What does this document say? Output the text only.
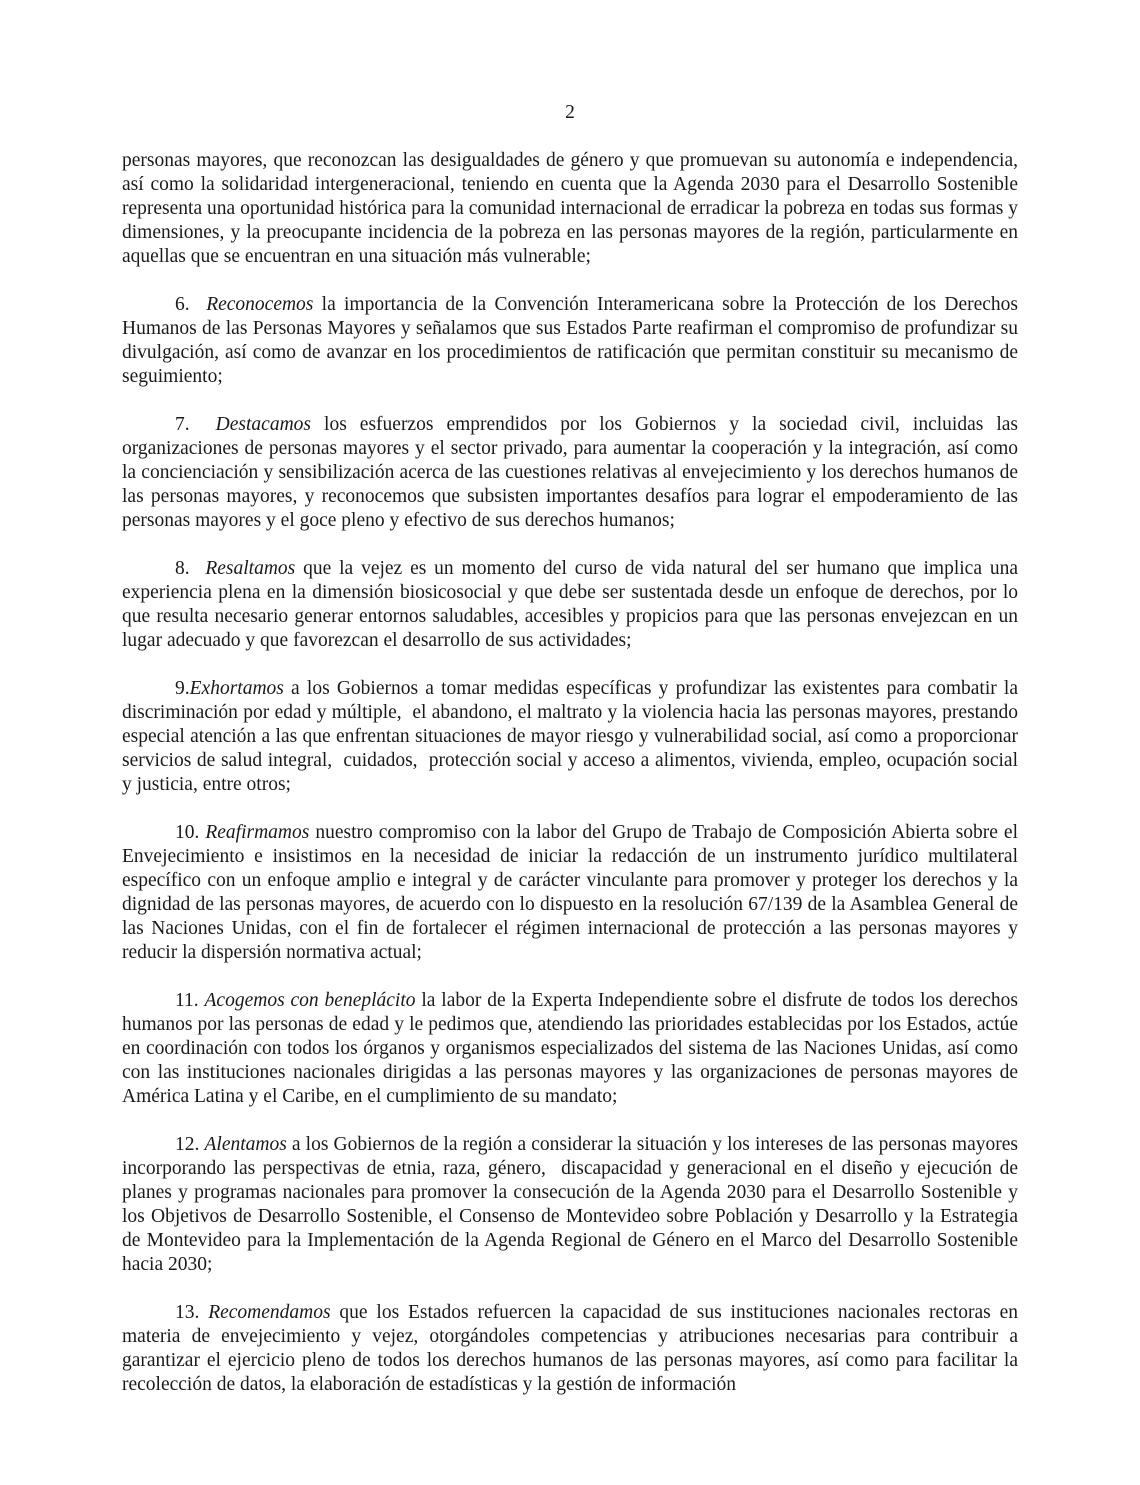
2

personas mayores, que reconozcan las desigualdades de género y que promuevan su autonomía e independencia, así como la solidaridad intergeneracional, teniendo en cuenta que la Agenda 2030 para el Desarrollo Sostenible representa una oportunidad histórica para la comunidad internacional de erradicar la pobreza en todas sus formas y dimensiones, y la preocupante incidencia de la pobreza en las personas mayores de la región, particularmente en aquellas que se encuentran en una situación más vulnerable;

6.  Reconocemos la importancia de la Convención Interamericana sobre la Protección de los Derechos Humanos de las Personas Mayores y señalamos que sus Estados Parte reafirman el compromiso de profundizar su divulgación, así como de avanzar en los procedimientos de ratificación que permitan constituir su mecanismo de seguimiento;

7.  Destacamos los esfuerzos emprendidos por los Gobiernos y la sociedad civil, incluidas las organizaciones de personas mayores y el sector privado, para aumentar la cooperación y la integración, así como la concienciación y sensibilización acerca de las cuestiones relativas al envejecimiento y los derechos humanos de las personas mayores, y reconocemos que subsisten importantes desafíos para lograr el empoderamiento de las personas mayores y el goce pleno y efectivo de sus derechos humanos;

8.  Resaltamos que la vejez es un momento del curso de vida natural del ser humano que implica una experiencia plena en la dimensión biosicosocial y que debe ser sustentada desde un enfoque de derechos, por lo que resulta necesario generar entornos saludables, accesibles y propicios para que las personas envejezcan en un lugar adecuado y que favorezcan el desarrollo de sus actividades;

9.Exhortamos a los Gobiernos a tomar medidas específicas y profundizar las existentes para combatir la discriminación por edad y múltiple,  el abandono, el maltrato y la violencia hacia las personas mayores, prestando especial atención a las que enfrentan situaciones de mayor riesgo y vulnerabilidad social, así como a proporcionar servicios de salud integral,  cuidados,  protección social y acceso a alimentos, vivienda, empleo, ocupación social y justicia, entre otros;

10. Reafirmamos nuestro compromiso con la labor del Grupo de Trabajo de Composición Abierta sobre el Envejecimiento e insistimos en la necesidad de iniciar la redacción de un instrumento jurídico multilateral específico con un enfoque amplio e integral y de carácter vinculante para promover y proteger los derechos y la dignidad de las personas mayores, de acuerdo con lo dispuesto en la resolución 67/139 de la Asamblea General de las Naciones Unidas, con el fin de fortalecer el régimen internacional de protección a las personas mayores y reducir la dispersión normativa actual;

11. Acogemos con beneplácito la labor de la Experta Independiente sobre el disfrute de todos los derechos humanos por las personas de edad y le pedimos que, atendiendo las prioridades establecidas por los Estados, actúe en coordinación con todos los órganos y organismos especializados del sistema de las Naciones Unidas, así como con las instituciones nacionales dirigidas a las personas mayores y las organizaciones de personas mayores de América Latina y el Caribe, en el cumplimiento de su mandato;

12. Alentamos a los Gobiernos de la región a considerar la situación y los intereses de las personas mayores incorporando las perspectivas de etnia, raza, género,  discapacidad y generacional en el diseño y ejecución de planes y programas nacionales para promover la consecución de la Agenda 2030 para el Desarrollo Sostenible y los Objetivos de Desarrollo Sostenible, el Consenso de Montevideo sobre Población y Desarrollo y la Estrategia de Montevideo para la Implementación de la Agenda Regional de Género en el Marco del Desarrollo Sostenible hacia 2030;

13. Recomendamos que los Estados refuercen la capacidad de sus instituciones nacionales rectoras en materia de envejecimiento y vejez, otorgándoles competencias y atribuciones necesarias para contribuir a garantizar el ejercicio pleno de todos los derechos humanos de las personas mayores, así como para facilitar la recolección de datos, la elaboración de estadísticas y la gestión de información
